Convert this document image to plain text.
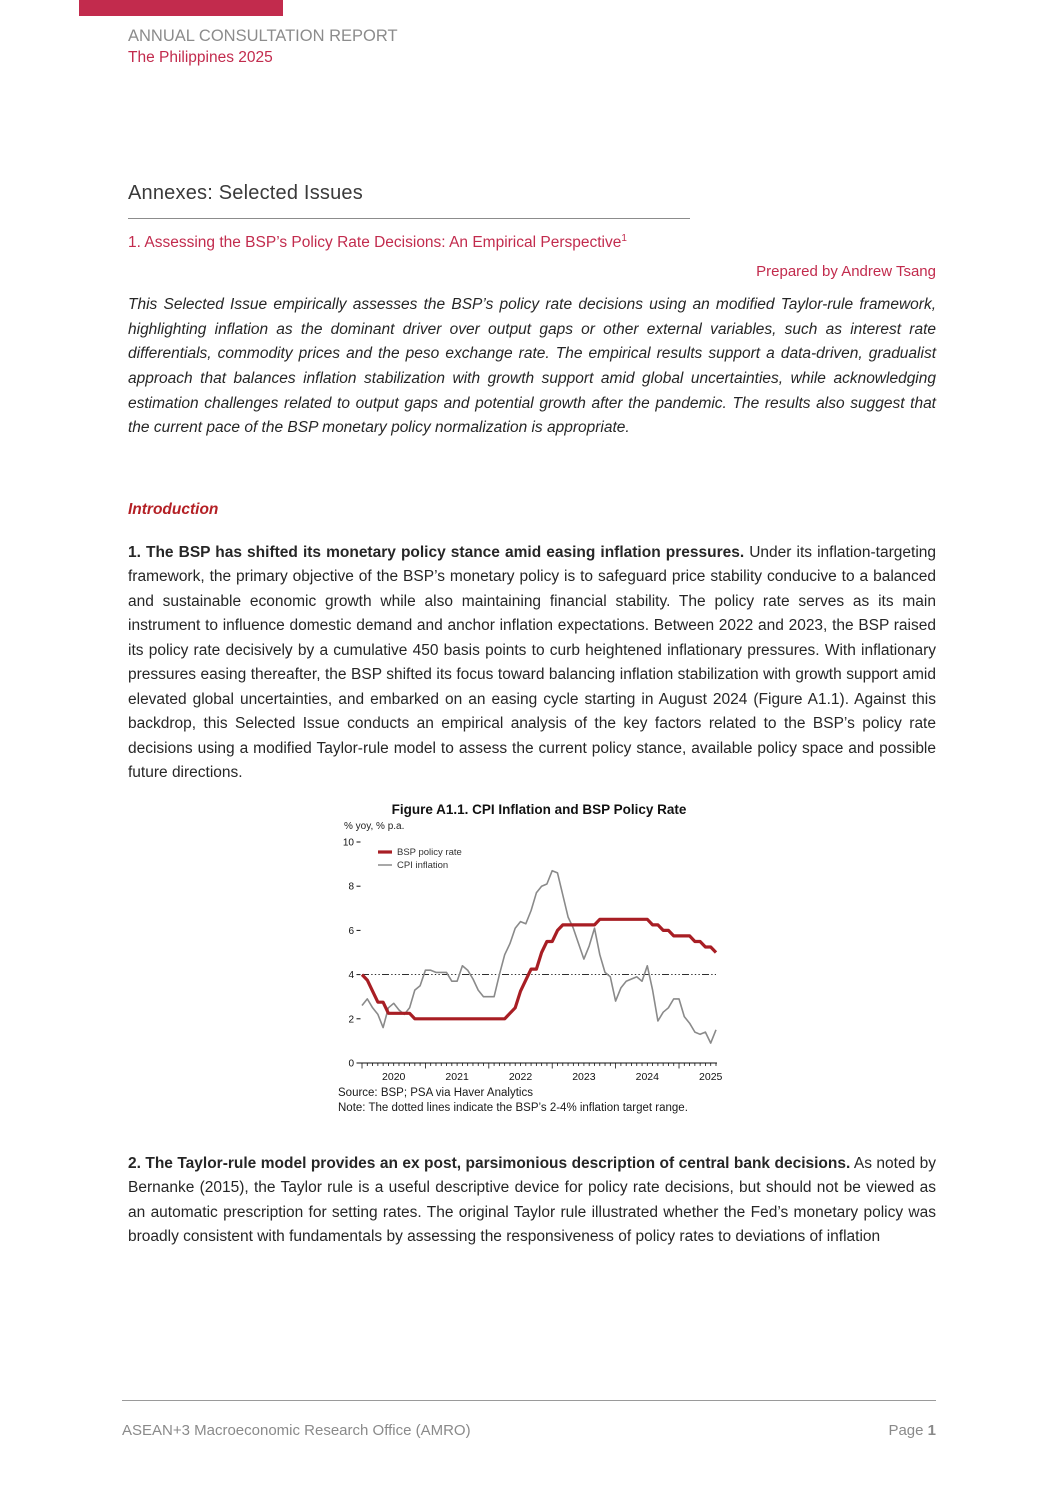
ANNUAL CONSULTATION REPORT
The Philippines 2025
Annexes: Selected Issues
1. Assessing the BSP’s Policy Rate Decisions: An Empirical Perspective$^1$
Prepared by Andrew Tsang

This Selected Issue empirically assesses the BSP’s policy rate decisions using an modified Taylor-rule framework, highlighting inflation as the dominant driver over output gaps or other external variables, such as interest rate differentials, commodity prices and the peso exchange rate. The empirical results support a data-driven, gradualist approach that balances inflation stabilization with growth support amid global uncertainties, while acknowledging estimation challenges related to output gaps and potential growth after the pandemic. The results also suggest that the current pace of the BSP monetary policy normalization is appropriate.

Introduction

1. The BSP has shifted its monetary policy stance amid easing inflation pressures. Under its inflation-targeting framework, the primary objective of the BSP’s monetary policy is to safeguard price stability conducive to a balanced and sustainable economic growth while also maintaining financial stability. The policy rate serves as its main instrument to influence domestic demand and anchor inflation expectations. Between 2022 and 2023, the BSP raised its policy rate decisively by a cumulative 450 basis points to curb heightened inflationary pressures. With inflationary pressures easing thereafter, the BSP shifted its focus toward balancing inflation stabilization with growth support amid elevated global uncertainties, and embarked on an easing cycle starting in August 2024 (Figure A1.1). Against this backdrop, this Selected Issue conducts an empirical analysis of the key factors related to the BSP’s policy rate decisions using a modified Taylor-rule model to assess the current policy stance, available policy space and possible future directions.

Figure A1.1. CPI Inflation and BSP Policy Rate
% yoy, % p.a.
2020	2021	2022	2023	2024	2025
0
2
4
6
8
10
BSP policy rate
CPI inflation
Source: BSP; PSA via Haver Analytics
Note: The dotted lines indicate the BSP’s 2-4% inflation target range.

2. The Taylor-rule model provides an ex post, parsimonious description of central bank decisions. As noted by Bernanke (2015), the Taylor rule is a useful descriptive device for policy rate decisions, but should not be viewed as an automatic prescription for setting rates. The original Taylor rule illustrated whether the Fed’s monetary policy was broadly consistent with fundamentals by assessing the responsiveness of policy rates to deviations of inflation

ASEAN+3 Macroeconomic Research Office (AMRO)	Page 1
